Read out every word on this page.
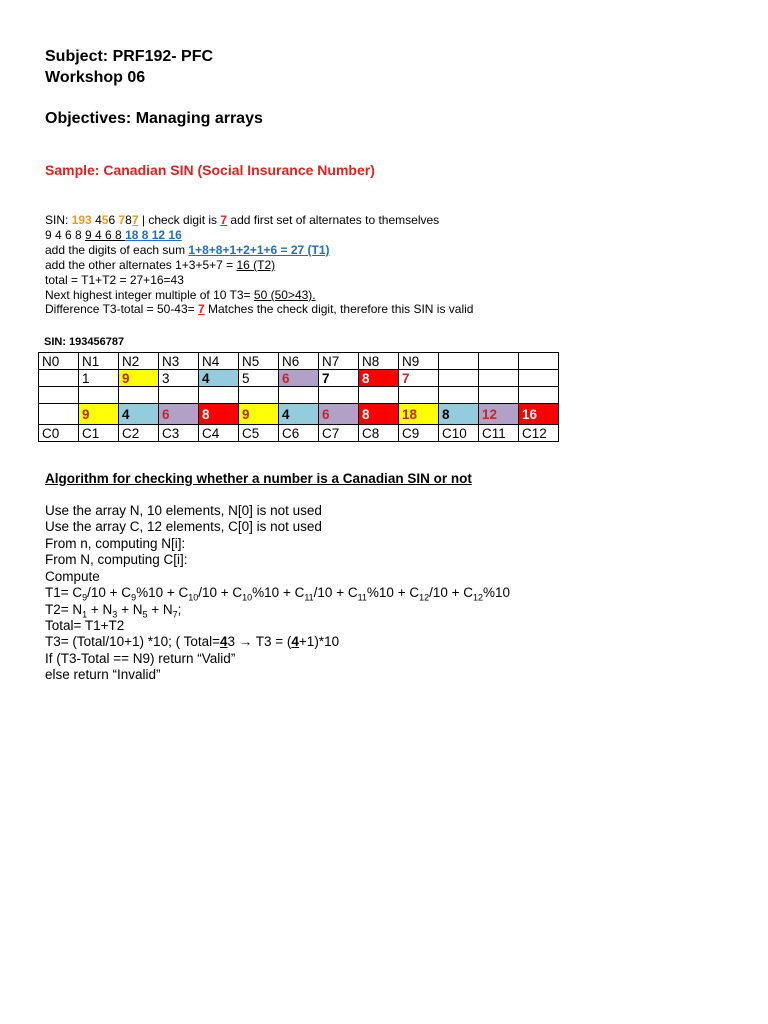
Subject: PRF192- PFC
Workshop 06
Objectives: Managing arrays
Sample: Canadian SIN (Social Insurance Number)
SIN: 193 456 787 | check digit is 7 add first set of alternates to themselves
9 4 6 8 9 4 6 8 18 8 12 16
add the digits of each sum 1+8+8+1+2+1+6 = 27 (T1)
add the other alternates 1+3+5+7 = 16 (T2)
total = T1+T2 = 27+16=43
Next highest integer multiple of 10 T3= 50 (50>43).
Difference T3-total = 50-43= 7 Matches the check digit, therefore this SIN is valid
SIN: 193456787
N0	N1	N2	N3	N4	N5	N6	N7	N8	N9			
	1	9	3	4	5	6	7	8	7			

	9	4	6	8	9	4	6	8	18	8	12	16
C0	C1	C2	C3	C4	C5	C6	C7	C8	C9	C10	C11	C12
Algorithm for checking whether a number is a Canadian SIN or not
Use the array N, 10 elements, N[0] is not used
Use the array C, 12 elements, C[0] is not used
From n, computing N[i]:
From N, computing C[i]:
Compute
$T1= C_9/10 + C_9\%10 + C_{10}/10 + C_{10}\%10 + C_{11}/10 + C_{11}\%10 + C_{12}/10 + C_{12}\%10$
$T2= N_1 + N_3 + N_5 + N_7$;
Total= T1+T2
T3= (Total/10+1) *10; ( Total=43 → T3 = (4+1)*10
If (T3-Total == N9) return “Valid”
else return “Invalid”
